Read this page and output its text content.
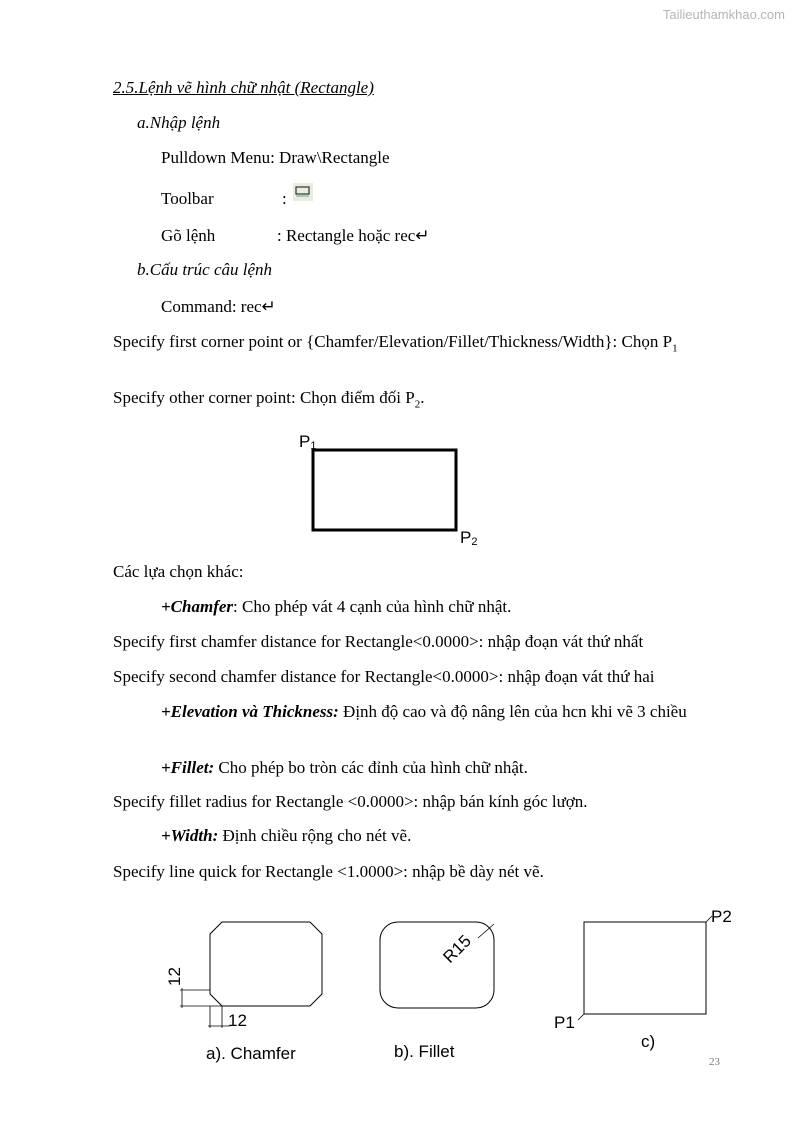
Tailieuthamkhao.com
2.5.Lệnh vẽ hình chữ nhật (Rectangle)
a.Nhập lệnh
Pulldown Menu: Draw\Rectangle
Toolbar	:
Gõ lệnh	: Rectangle hoặc rec↵
b.Cấu trúc câu lệnh
Command: rec↵
Specify first corner point or {Chamfer/Elevation/Fillet/Thickness/Width}: Chọn $P_1$
Specify other corner point: Chọn điểm đối $P_2$.
P1
P2
Các lựa chọn khác:
+Chamfer: Cho phép vát 4 cạnh của hình chữ nhật.
Specify first chamfer distance for Rectangle<0.0000>: nhập đoạn vát thứ nhất
Specify second chamfer distance for Rectangle<0.0000>: nhập đoạn vát thứ hai
+Elevation và Thickness: Định độ cao và độ nâng lên của hcn khi vẽ 3 chiều
+Fillet: Cho phép bo tròn các đỉnh của hình chữ nhật.
Specify fillet radius for Rectangle <0.0000>: nhập bán kính góc lượn.
+Width: Định chiều rộng cho nét vẽ.
Specify line quick for Rectangle <1.0000>: nhập bề dày nét vẽ.
12
12
R15
P2
P1
a). Chamfer	b). Fillet
c)
23
